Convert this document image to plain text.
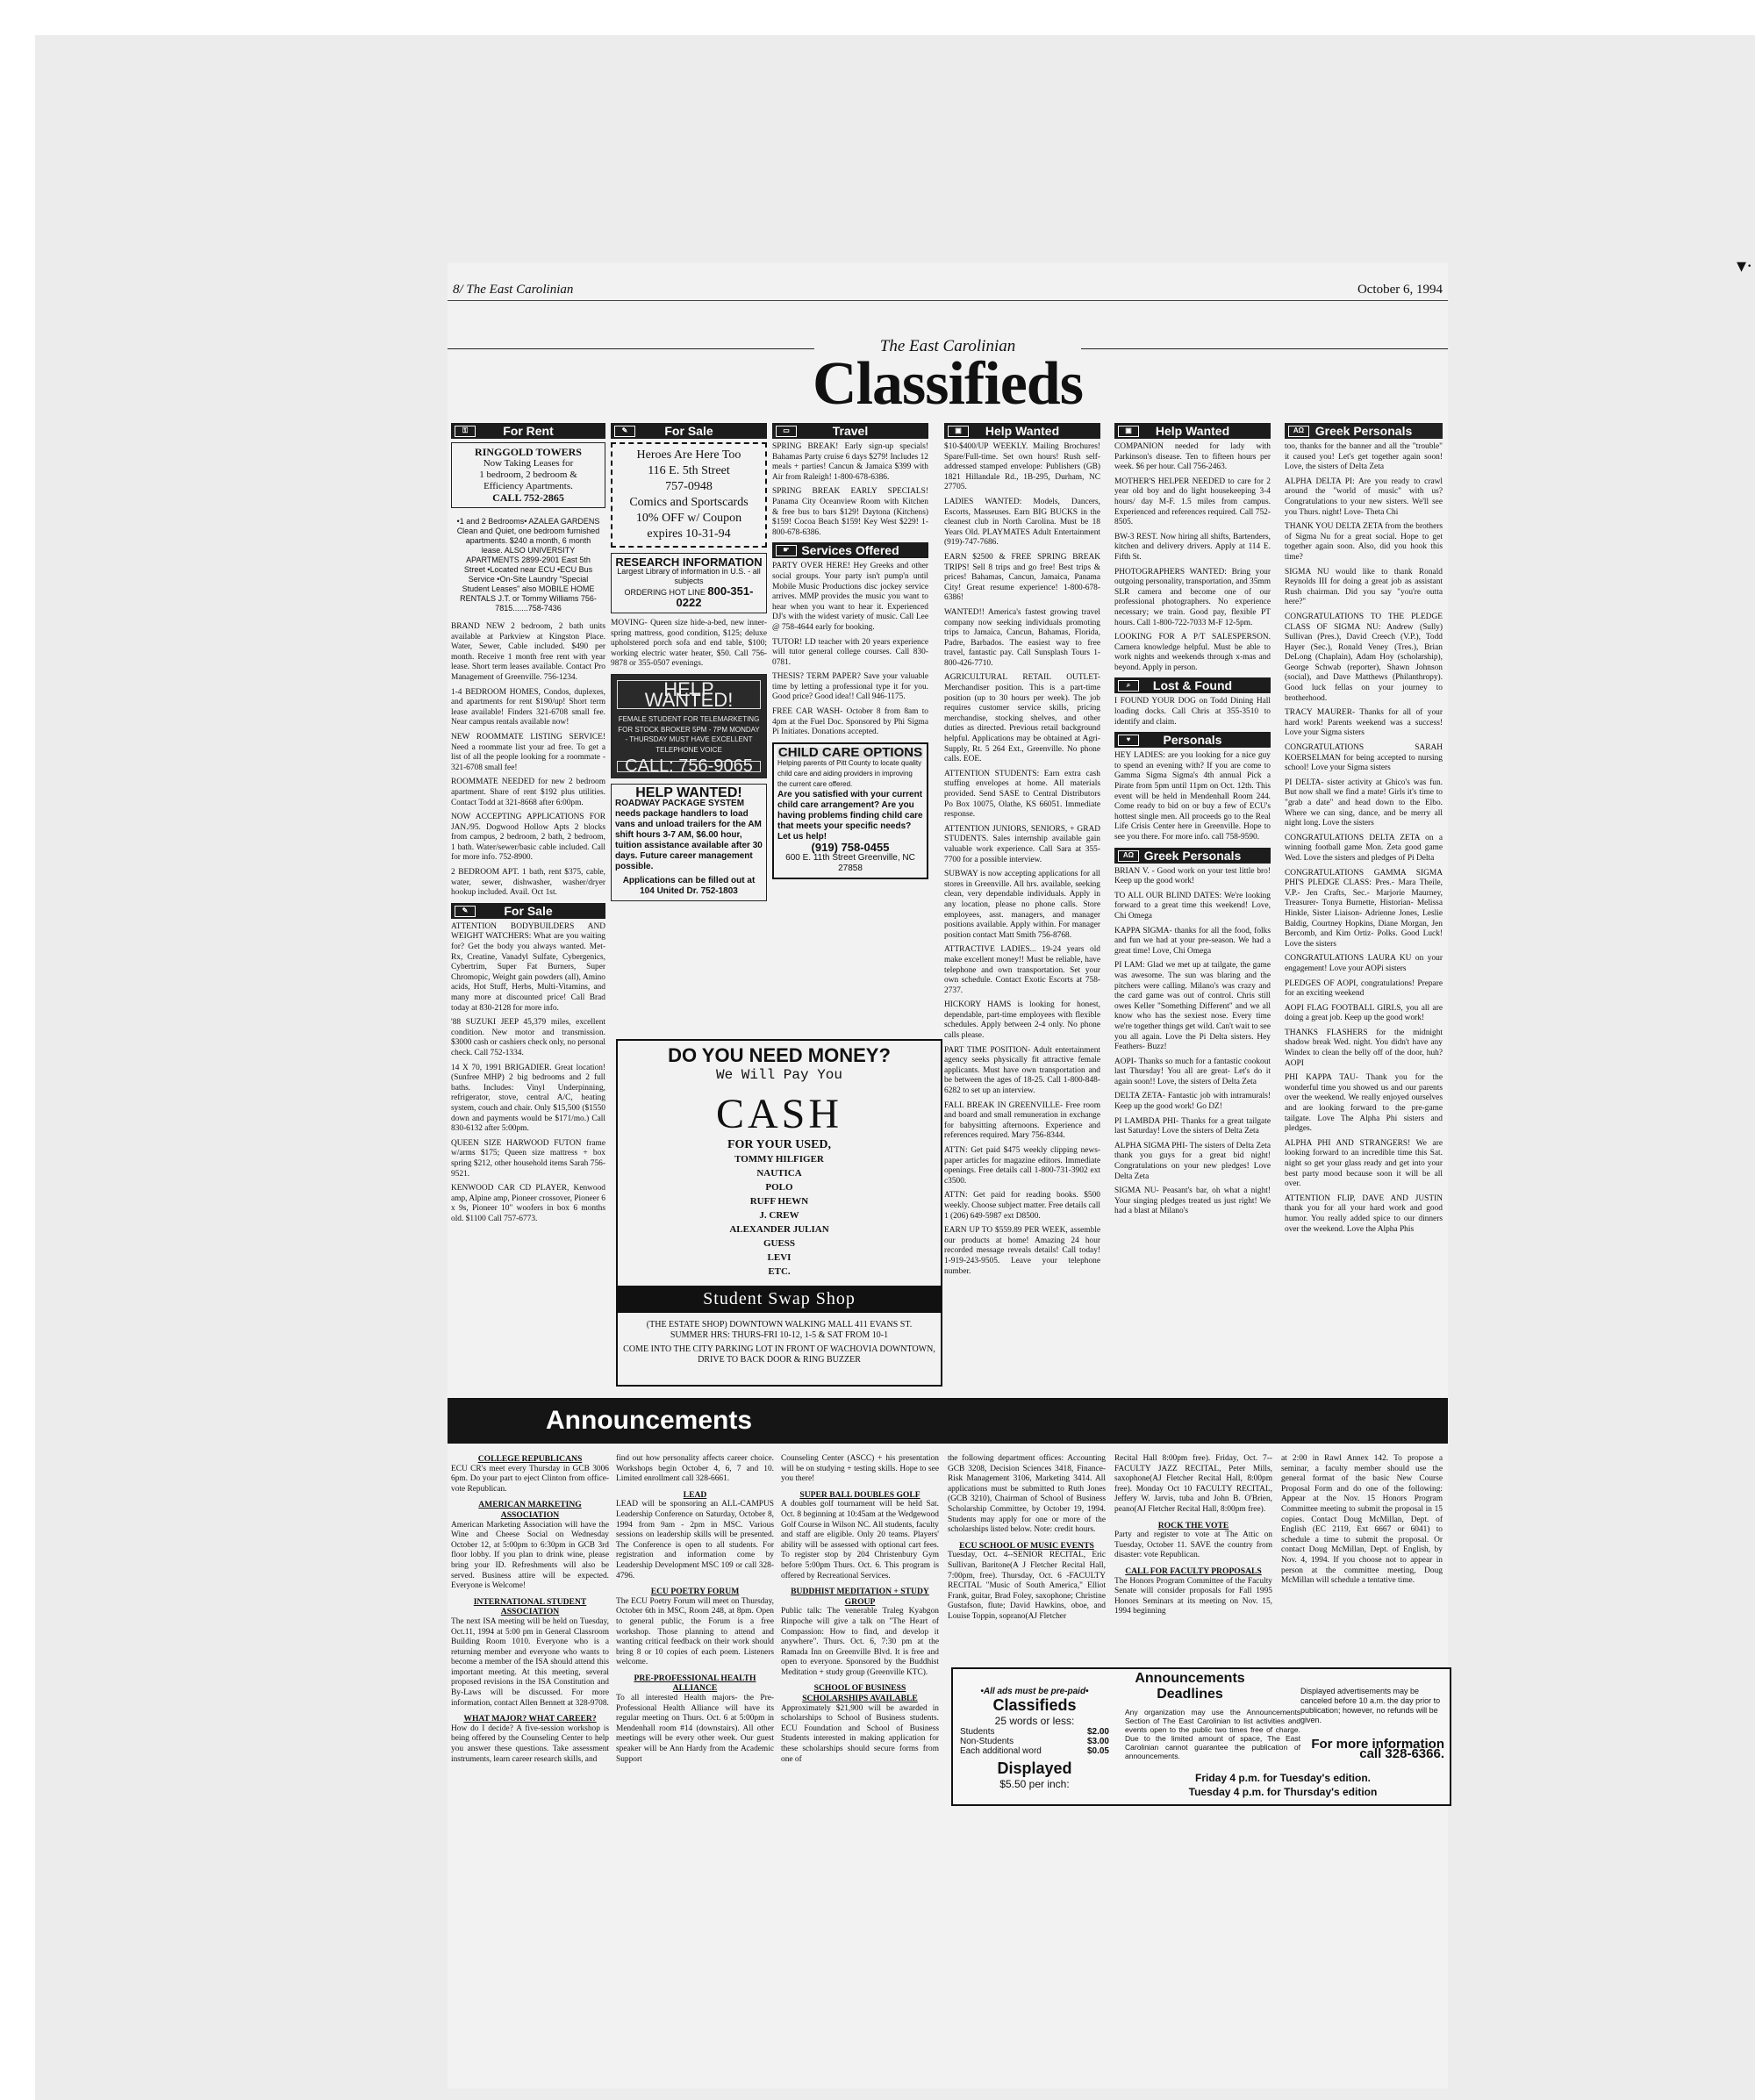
▾·
8/ The East Carolinian	October 6, 1994
The East Carolinian
Classifieds
⚿	For Rent
RINGGOLD TOWERS
Now Taking Leases for
1 bedroom, 2 bedroom &
Efficiency Apartments.
CALL 752-2865
•1 and 2 Bedrooms• AZALEA GARDENS Clean and Quiet, one bedroom furnished apartments. $240 a month, 6 month lease. ALSO UNIVERSITY APARTMENTS 2899-2901 East 5th Street •Located near ECU •ECU Bus Service •On-Site Laundry "Special Student Leases" also MOBILE HOME RENTALS J.T. or Tommy Williams 756-7815.......758-7436

BRAND NEW 2 bedroom, 2 bath units available at Parkview at Kingston Place. Water, Sewer, Cable included. $490 per month. Receive 1 month free rent with year lease. Short term leases available. Contact Pro Management of Greenville. 756-1234.

1-4 BEDROOM HOMES, Condos, duplexes, and apartments for rent $190/up! Short term lease available! Finders 321-6708 small fee. Near campus rentals available now!

NEW ROOMMATE LISTING SERVICE! Need a roommate list your ad free. To get a list of all the people looking for a roommate - 321-6708 small fee!

ROOMMATE NEEDED for new 2 bedroom apartment. Share of rent $192 plus utilities. Contact Todd at 321-8668 after 6:00pm.

NOW ACCEPTING APPLICATIONS FOR JAN./95. Dogwood Hollow Apts 2 blocks from campus, 2 bedroom, 2 bath, 2 bedroom, 1 bath. Water/sewer/basic cable included. Call for more info. 752-8900.

2 BEDROOM APT. 1 bath, rent $375, cable, water, sewer, dishwasher, washer/dryer hookup included. Avail. Oct 1st.

✎	For Sale

ATTENTION BODYBUILDERS AND WEIGHT WATCHERS: What are you waiting for? Get the body you always wanted. Met-Rx, Creatine, Vanadyl Sulfate, Cybergenics, Cybertrim, Super Fat Burners, Super Chromopic, Weight gain powders (all), Amino acids, Hot Stuff, Herbs, Multi-Vitamins, and many more at discounted price! Call Brad today at 830-2128 for more info.

'88 SUZUKI JEEP 45,379 miles, excellent condition. New motor and transmission. $3000 cash or cashiers check only, no personal check. Call 752-1334.

14 X 70, 1991 BRIGADIER. Great location! (Sunfree MHP) 2 big bedrooms and 2 full baths. Includes: Vinyl Underpinning, refrigerator, stove, central A/C, heating system, couch and chair. Only $15,500 ($1550 down and payments would be $171/mo.) Call 830-6132 after 5:00pm.

QUEEN SIZE HARWOOD FUTON frame w/arms $175; Queen size mattress + box spring $212, other household items Sarah 756-9521.

KENWOOD CAR CD PLAYER, Kenwood amp, Alpine amp, Pioneer crossover, Pioneer 6 x 9s, Pioneer 10" woofers in box 6 months old. $1100 Call 757-6773.

✎	For Sale
Heroes Are Here Too
116 E. 5th Street
757-0948
Comics and Sportscards
10% OFF w/ Coupon
expires 10-31-94
RESEARCH INFORMATION
Largest Library of information in U.S. - all subjects
ORDERING HOT LINE 800-351-0222

MOVING- Queen size hide-a-bed, new inner-spring mattress, good condition, $125; deluxe upholstered porch sofa and end table, $100; working electric water heater, $50. Call 756-9878 or 355-0507 evenings.

HELP WANTED!
FEMALE STUDENT FOR TELEMARKETING FOR STOCK BROKER 5PM - 7PM MONDAY - THURSDAY MUST HAVE EXCELLENT TELEPHONE VOICE
CALL: 756-9065
HELP WANTED!
ROADWAY PACKAGE SYSTEM needs package handlers to load vans and unload trailers for the AM shift hours 3-7 AM, $6.00 hour, tuition assistance available after 30 days. Future career management possible.
Applications can be filled out at 104 United Dr. 752-1803
▭	Travel

SPRING BREAK! Early sign-up specials! Bahamas Party cruise 6 days $279! Includes 12 meals + parties! Cancun & Jamaica $399 with Air from Raleigh! 1-800-678-6386.

SPRING BREAK EARLY SPECIALS! Panama City Oceanview Room with Kitchen & free bus to bars $129! Daytona (Kitchens) $159! Cocoa Beach $159! Key West $229! 1-800-678-6386.

☛ Services Offered

PARTY OVER HERE! Hey Greeks and other social groups. Your party isn't pump'n until Mobile Music Productions disc jockey service arrives. MMP provides the music you want to hear when you want to hear it. Experienced DJ's with the widest variety of music. Call Lee @ 758-4644 early for booking.

TUTOR! LD teacher with 20 years experience will tutor general college courses. Call 830-0781.

THESIS? TERM PAPER? Save your valuable time by letting a professional type it for you. Good price? Good idea!! Call 946-1175.

FREE CAR WASH- October 8 from 8am to 4pm at the Fuel Doc. Sponsored by Phi Sigma Pi Initiates. Donations accepted.

CHILD CARE OPTIONS
Helping parents of Pitt County to locate quality child care and aiding providers in improving the current care offered.
Are you satisfied with your current child care arrangement? Are you having problems finding child care that meets your specific needs? Let us help!
(919) 758-0455
600 E. 11th Street Greenville, NC 27858
▣	Help Wanted

$10-$400/UP WEEKLY. Mailing Brochures! Spare/Full-time. Set own hours! Rush self-addressed stamped envelope: Publishers (GB) 1821 Hillandale Rd., 1B-295, Durham, NC 27705.

LADIES WANTED: Models, Dancers, Escorts, Masseuses. Earn BIG BUCKS in the cleanest club in North Carolina. Must be 18 Years Old. PLAYMATES Adult Entertainment (919)-747-7686.

EARN $2500 & FREE SPRING BREAK TRIPS! Sell 8 trips and go free! Best trips & prices! Bahamas, Cancun, Jamaica, Panama City! Great resume experience! 1-800-678-6386!

WANTED!! America's fastest growing travel company now seeking individuals promoting trips to Jamaica, Cancun, Bahamas, Florida, Padre, Barbados. The easiest way to free travel, fantastic pay. Call Sunsplash Tours 1-800-426-7710.

AGRICULTURAL RETAIL OUTLET- Merchandiser position. This is a part-time position (up to 30 hours per week). The job requires customer service skills, pricing merchandise, stocking shelves, and other duties as directed. Previous retail background helpful. Applications may be obtained at Agri-Supply, Rt. 5 264 Ext., Greenville. No phone calls. EOE.

ATTENTION STUDENTS: Earn extra cash stuffing envelopes at home. All materials provided. Send SASE to Central Distributors Po Box 10075, Olathe, KS 66051. Immediate response.

ATTENTION JUNIORS, SENIORS, + GRAD STUDENTS. Sales internship available gain valuable work experience. Call Sara at 355-7700 for a possible interview.

SUBWAY is now accepting applications for all stores in Greenville. All hrs. available, seeking clean, very dependable individuals. Apply in any location, please no phone calls. Store employees, asst. managers, and manager positions available. Apply within. For manager position contact Matt Smith 756-8768.

ATTRACTIVE LADIES... 19-24 years old make excellent money!! Must be reliable, have telephone and own transportation. Set your own schedule. Contact Exotic Escorts at 758-2737.

HICKORY HAMS is looking for honest, dependable, part-time employees with flexible schedules. Apply between 2-4 only. No phone calls please.

PART TIME POSITION- Adult entertainment agency seeks physically fit attractive female applicants. Must have own transportation and be between the ages of 18-25. Call 1-800-848-6282 to set up an interview.

FALL BREAK IN GREENVILLE- Free room and board and small remuneration in exchange for babysitting afternoons. Experience and references required. Mary 756-8344.

ATTN: Get paid $475 weekly clipping news-paper articles for magazine editors. Immediate openings. Free details call 1-800-731-3902 ext c3500.

ATTN: Get paid for reading books. $500 weekly. Choose subject matter. Free details call 1 (206) 649-5987 ext D8500.

EARN UP TO $559.89 PER WEEK, assemble our products at home! Amazing 24 hour recorded message reveals details! Call today! 1-919-243-9505. Leave your telephone number.

▣	Help Wanted

COMPANION needed for lady with Parkinson's disease. Ten to fifteen hours per week. $6 per hour. Call 756-2463.

MOTHER'S HELPER NEEDED to care for 2 year old boy and do light housekeeping 3-4 hours/ day M-F. 1.5 miles from campus. Experienced and references required. Call 752-8505.

BW-3 REST. Now hiring all shifts, Bartenders, kitchen and delivery drivers. Apply at 114 E. Fifth St.

PHOTOGRAPHERS WANTED: Bring your outgoing personality, transportation, and 35mm SLR camera and become one of our professional photographers. No experience necessary; we train. Good pay, flexible PT hours. Call 1-800-722-7033 M-F 12-5pm.

LOOKING FOR A P/T SALESPERSON. Camera knowledge helpful. Must be able to work nights and weekends through x-mas and beyond. Apply in person.

⌕	Lost & Found

I FOUND YOUR DOG on Todd Dining Hall loading docks. Call Chris at 355-3510 to identify and claim.

♥	Personals

HEY LADIES: are you looking for a nice guy to spend an evening with? If you are come to Gamma Sigma Sigma's 4th annual Pick a Pirate from 5pm until 11pm on Oct. 12th. This event will be held in Mendenhall Room 244. Come ready to bid on or buy a few of ECU's hottest single men. All proceeds go to the Real Life Crisis Center here in Greenville. Hope to see you there. For more info. call 758-9590.

ΑΩ Greek Personals

BRIAN V. - Good work on your test little bro! Keep up the good work!

TO ALL OUR BLIND DATES: We're looking forward to a great time this weekend! Love, Chi Omega

KAPPA SIGMA- thanks for all the food, folks and fun we had at your pre-season. We had a great time! Love, Chi Omega

PI LAM: Glad we met up at tailgate, the game was awesome. The sun was blaring and the pitchers were calling. Milano's was crazy and the card game was out of control. Chris still owes Keller "Something Different" and we all know who has the sexiest nose. Every time we're together things get wild. Can't wait to see you all again. Love the Pi Delta sisters. Hey Feathers- Buzz!

AOPI- Thanks so much for a fantastic cookout last Thursday! You all are great- Let's do it again soon!! Love, the sisters of Delta Zeta

DELTA ZETA- Fantastic job with intramurals! Keep up the good work! Go DZ!

PI LAMBDA PHI- Thanks for a great tailgate last Saturday! Love the sisters of Delta Zeta

ALPHA SIGMA PHI- The sisters of Delta Zeta thank you guys for a great bid night! Congratulations on your new pledges! Love Delta Zeta

SIGMA NU- Peasant's bar, oh what a night! Your singing pledges treated us just right! We had a blast at Milano's

ΑΩ Greek Personals

too, thanks for the banner and all the "trouble" it caused you! Let's get together again soon! Love, the sisters of Delta Zeta

ALPHA DELTA PI: Are you ready to crawl around the "world of music" with us? Congratulations to your new sisters. We'll see you Thurs. night! Love- Theta Chi

THANK YOU DELTA ZETA from the brothers of Sigma Nu for a great social. Hope to get together again soon. Also, did you hook this time?

SIGMA NU would like to thank Ronald Reynolds III for doing a great job as assistant Rush chairman. Did you say "you're outta here?"

CONGRATULATIONS TO THE PLEDGE CLASS OF SIGMA NU: Andrew (Sully) Sullivan (Pres.), David Creech (V.P.), Todd Hayer (Sec.), Ronald Veney (Tres.), Brian DeLong (Chaplain), Adam Hoy (scholarship), George Schwab (reporter), Shawn Johnson (social), and Dave Matthews (Philanthropy). Good luck fellas on your journey to brotherhood.

TRACY MAURER- Thanks for all of your hard work! Parents weekend was a success! Love your Sigma sisters

CONGRATULATIONS SARAH KOERSELMAN for being accepted to nursing school! Love your Sigma sisters

PI DELTA- sister activity at Ghico's was fun. But now shall we find a mate! Girls it's time to "grab a date" and head down to the Elbo. Where we can sing, dance, and be merry all night long. Love the sisters

CONGRATULATIONS DELTA ZETA on a winning football game Mon. Zeta good game Wed. Love the sisters and pledges of Pi Delta

CONGRATULATIONS GAMMA SIGMA PHI'S PLEDGE CLASS: Pres.- Mara Theile, V.P.- Jen Crafts, Sec.- Marjorie Maurney, Treasurer- Tonya Burnette, Historian- Melissa Hinkle, Sister Liaison- Adrienne Jones, Leslie Baldig, Courtney Hopkins, Diane Morgan, Jen Bercomb, and Kim Ortiz- Polks. Good Luck! Love the sisters

CONGRATULATIONS LAURA KU on your engagement! Love your AOPi sisters

PLEDGES OF AOPI, congratulations! Prepare for an exciting weekend

AOPI FLAG FOOTBALL GIRLS, you all are doing a great job. Keep up the good work!

THANKS FLASHERS for the midnight shadow break Wed. night. You didn't have any Windex to clean the belly off of the door, huh? AOPI

PHI KAPPA TAU- Thank you for the wonderful time you showed us and our parents over the weekend. We really enjoyed ourselves and are looking forward to the pre-game tailgate. Love The Alpha Phi sisters and pledges.

ALPHA PHI AND STRANGERS! We are looking forward to an incredible time this Sat. night so get your glass ready and get into your best party mood because soon it will be all over.

ATTENTION FLIP, DAVE AND JUSTIN thank you for all your hard work and good humor. You really added spice to our dinners over the weekend. Love the Alpha Phis

DO YOU NEED MONEY?
We Will Pay You
CASH
FOR YOUR USED,
TOMMY HILFIGER
NAUTICA
POLO
RUFF HEWN
J. CREW
ALEXANDER JULIAN
GUESS
LEVI
ETC.
Student Swap Shop
(THE ESTATE SHOP) DOWNTOWN WALKING MALL 411 EVANS ST.
SUMMER HRS: THURS-FRI 10-12, 1-5 & SAT FROM 10-1
COME INTO THE CITY PARKING LOT IN FRONT OF WACHOVIA DOWNTOWN, DRIVE TO BACK DOOR & RING BUZZER
Announcements
COLLEGE REPUBLICANS

ECU CR's meet every Thursday in GCB 3006 6pm. Do your part to eject Clinton from office- vote Republican.

AMERICAN MARKETING ASSOCIATION

American Marketing Association will have the Wine and Cheese Social on Wednesday October 12, at 5:00pm to 6:30pm in GCB 3rd floor lobby. If you plan to drink wine, please bring your ID. Refreshments will also be served. Business attire will be expected. Everyone is Welcome!

INTERNATIONAL STUDENT ASSOCIATION

The next ISA meeting will be held on Tuesday, Oct.11, 1994 at 5:00 pm in General Classroom Building Room 1010. Everyone who is a returning member and everyone who wants to become a member of the ISA should attend this important meeting. At this meeting, several proposed revisions in the ISA Constitution and By-Laws will be discussed. For more information, contact Allen Bennett at 328-9708.

WHAT MAJOR? WHAT CAREER?

How do I decide? A five-session workshop is being offered by the Counseling Center to help you answer these questions. Take assessment instruments, learn career research skills, and

find out how personality affects career choice. Workshops begin October 4, 6, 7 and 10. Limited enrollment call 328-6661.

LEAD

LEAD will be sponsoring an ALL-CAMPUS Leadership Conference on Saturday, October 8, 1994 from 9am - 2pm in MSC. Various sessions on leadership skills will be presented. The Conference is open to all students. For registration and information come by Leadership Development MSC 109 or call 328-4796.

ECU POETRY FORUM

The ECU Poetry Forum will meet on Thursday, October 6th in MSC, Room 248, at 8pm. Open to general public, the Forum is a free workshop. Those planning to attend and wanting critical feedback on their work should bring 8 or 10 copies of each poem. Listeners welcome.

PRE-PROFESSIONAL HEALTH ALLIANCE

To all interested Health majors- the Pre-Professional Health Alliance will have its regular meeting on Thurs. Oct. 6 at 5:00pm in Mendenhall room #14 (downstairs). All other meetings will be every other week. Our guest speaker will be Ann Hardy from the Academic Support

Counseling Center (ASCC) + his presentation will be on studying + testing skills. Hope to see you there!

SUPER BALL DOUBLES GOLF

A doubles golf tournament will be held Sat. Oct. 8 beginning at 10:45am at the Wedgewood Golf Course in Wilson NC. All students, faculty and staff are eligible. Only 20 teams. Players' ability will be assessed with optional cart fees. To register stop by 204 Christenbury Gym before 5:00pm Thurs. Oct. 6. This program is offered by Recreational Services.

BUDDHIST MEDITATION + STUDY GROUP

Public talk: The venerable Traleg Kyabgon Rinpoche will give a talk on "The Heart of Compassion: How to find, and develop it anywhere". Thurs. Oct. 6, 7:30 pm at the Ramada Inn on Greenville Blvd. It is free and open to everyone. Sponsored by the Buddhist Meditation + study group (Greenville KTC).

SCHOOL OF BUSINESS SCHOLARSHIPS AVAILABLE

Approximately $21,900 will be awarded in scholarships to School of Business students. ECU Foundation and School of Business Students interested in making application for these scholarships should secure forms from one of

the following department offices: Accounting GCB 3208, Decision Sciences 3418, Finance-Risk Management 3106, Marketing 3414. All applications must be submitted to Ruth Jones (GCB 3210), Chairman of School of Business Scholarship Committee, by October 19, 1994. Students may apply for one or more of the scholarships listed below. Note: credit hours.

ECU SCHOOL OF MUSIC EVENTS

Tuesday, Oct. 4--SENIOR RECITAL, Eric Sullivan, Baritone(A J Fletcher Recital Hall, 7:00pm, free). Thursday, Oct. 6 -FACULTY RECITAL "Music of South America," Elliot Frank, guitar, Brad Foley, saxophone; Christine Gustafson, flute; David Hawkins, oboe, and Louise Toppin, soprano(AJ Fletcher

Recital Hall 8:00pm free). Friday, Oct. 7--FACULTY JAZZ RECITAL, Peter Mills, saxophone(AJ Fletcher Recital Hall, 8:00pm free). Monday Oct 10 FACULTY RECITAL, Jeffery W. Jarvis, tuba and John B. O'Brien, peano(AJ Fletcher Recital Hall, 8:00pm free).

ROCK THE VOTE

Party and register to vote at The Attic on Tuesday, October 11. SAVE the country from disaster: vote Republican.

CALL FOR FACULTY PROPOSALS

The Honors Program Committee of the Faculty Senate will consider proposals for Fall 1995 Honors Seminars at its meeting on Nov. 15, 1994 beginning

at 2:00 in Rawl Annex 142. To propose a seminar, a faculty member should use the general format of the basic New Course Proposal Form and do one of the following: Appear at the Nov. 15 Honors Program Committee meeting to submit the proposal in 15 copies. Contact Doug McMillan, Dept. of English (EC 2119, Ext 6667 or 6041) to schedule a time to submit the proposal. Or contact Doug McMillan, Dept. of English, by Nov. 4, 1994. If you choose not to appear in person at the committee meeting, Doug McMillan will schedule a tentative time.

Announcements
Deadlines
•All ads must be pre-paid•
Classifieds
25 words or less:
Students	$2.00
Non-Students	$3.00
Each additional word	$0.05
Displayed
$5.50 per inch:
Any organization may use the Announcements Section of The East Carolinian to list activities and events open to the public two times free of charge. Due to the limited amount of space, The East Carolinian cannot guarantee the publication of announcements.
Displayed advertisements may be canceled before 10 a.m. the day prior to publication; however, no refunds will be given.
For more information call 328-6366.
Friday 4 p.m. for Tuesday's edition.
Tuesday 4 p.m. for Thursday's edition
